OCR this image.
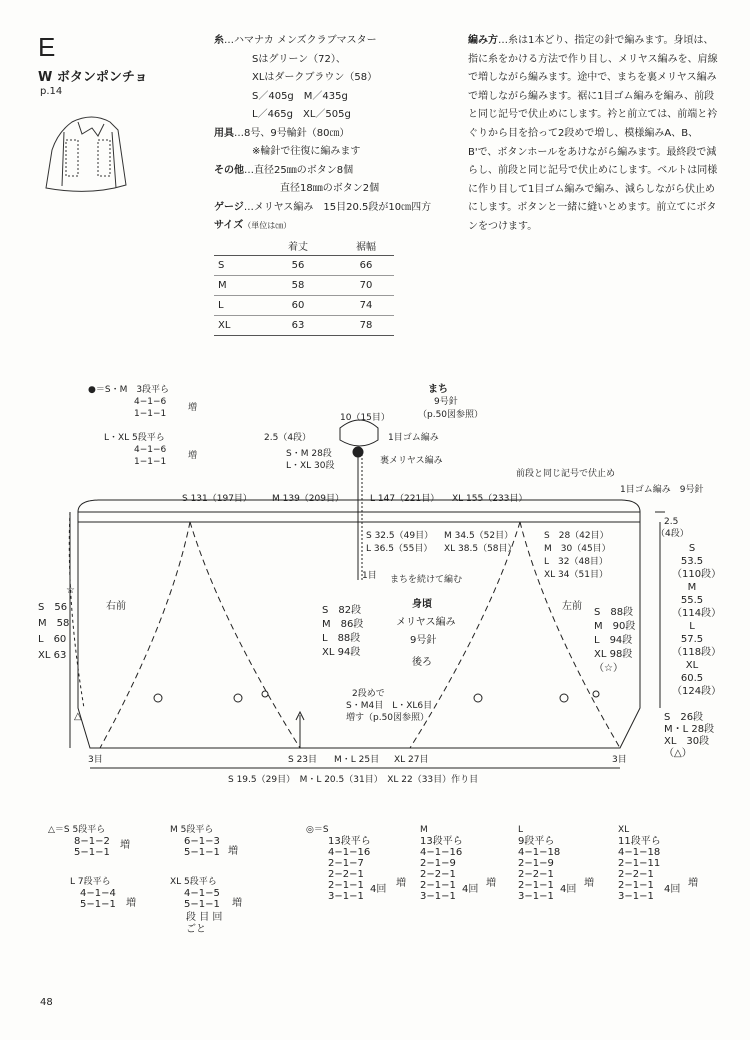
E
W ボタンポンチョ
p.14
糸…ハマナカ メンズクラブマスター
Sはグリーン（72）、
XLはダークブラウン（58）
S／405g　M／435g
L／465g　XL／505g
用具…8号、9号輪針（80㎝）
※輪針で往復に編みます
その他…直径25㎜のボタン8個
直径18㎜のボタン2個
ゲージ…メリヤス編み　15目20.5段が10㎝四方
サイズ（単位は㎝）
	着丈	裾幅
S	56	66
M	58	70
L	60	74
XL	63	78
編み方…糸は1本どり、指定の針で編みます。身頃は、指に糸をかける方法で作り目し、メリヤス編みを、肩線で増しながら編みます。途中で、まちを裏メリヤス編みで増しながら編みます。裾に1目ゴム編みを編み、前段と同じ記号で伏止めにします。衿と前立ては、前端と衿ぐりから目を拾って2段めで増し、模様編みA、B、B'で、ボタンホールをあけながら編みます。最終段で減らし、前段と同じ記号で伏止めにします。ベルトは同様に作り目して1目ゴム編みで編み、減らしながら伏止めにします。ボタンと一緒に縫いとめます。前立てにボタンをつけます。
●＝S・M　3段平ら
4−1−6
1−1−1
増
L・XL 5段平ら
4−1−6
1−1−1
増
まち
9号針
（p.50図参照）
10（15目）
1目ゴム編み
2.5（4段）
S・M 28段
L・XL 30段	裏メリヤス編み
前段と同じ記号で伏止め
1目ゴム編み　9号針
S 131（197目） M 139（209目）	L 147（221目） XL 155（233目）
2.5
（4段）
S 32.5（49目）
L 36.5（55目）
M 34.5（52目）
XL 38.5（58目）
S　28（42目）
M　30（45目）
L　32（48目）
XL 34（51目）
1目 まちを続けて編む
S　56
M　58
L　60
XL 63
☆
△
右前	左前
身頃
メリヤス編み
9号針
後ろ
S　82段
M　86段
L　88段
XL 94段
S　88段
M　90段
L　94段
XL 98段
（☆）
S
53.5
（110段）
M
55.5
（114段）
L
57.5
（118段）
XL
60.5
（124段）
S　26段
M・L 28段
XL　30段
（△）
2段めで
S・M4目　L・XL6目
増す（p.50図参照）
3目	3目
S 23目 M・L 25目 XL 27目
S 19.5（29目）　M・L 20.5（31目）　XL 22（33目）作り目
△＝S 5段平ら
8−1−2
5−1−1
増
M 5段平ら
6−1−3
5−1−1 増
L 7段平ら
4−1−4
5−1−1 増
XL 5段平ら
4−1−5
5−1−1 増
段 目 回
ごと
◎＝S
13段平ら
4−1−16
2−1−7
2−2−1
2−1−1
3−1−1
4回
増
M
13段平ら
4−1−16
2−1−9
2−2−1
2−1−1
3−1−1
4回
増
L
9段平ら
4−1−18
2−1−9
2−2−1
2−1−1
3−1−1
4回
増
XL
11段平ら
4−1−18
2−1−11
2−2−1
2−1−1
3−1−1
4回
増
48
